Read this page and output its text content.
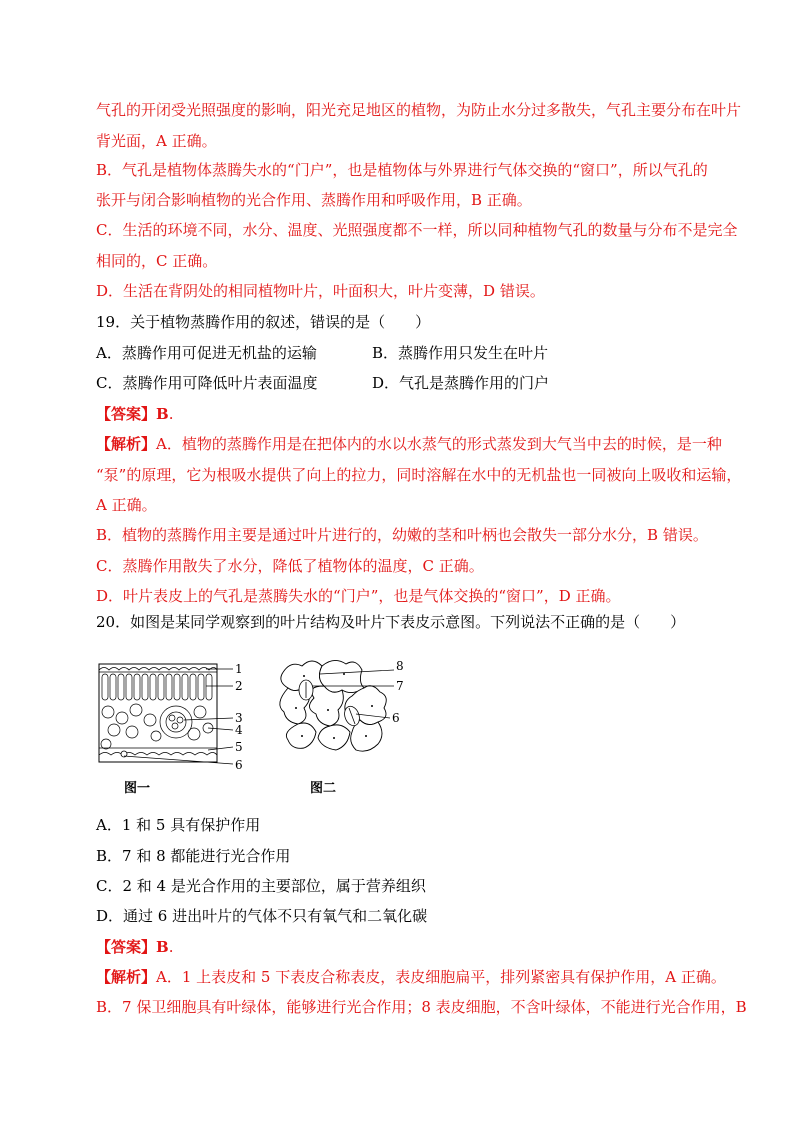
气孔的开闭受光照强度的影响，阳光充足地区的植物，为防止水分过多散失，气孔主要分布在叶片
背光面，A 正确。
B．气孔是植物体蒸腾失水的“门户”，也是植物体与外界进行气体交换的“窗口”，所以气孔的
张开与闭合影响植物的光合作用、蒸腾作用和呼吸作用，B 正确。
C．生活的环境不同，水分、温度、光照强度都不一样，所以同种植物气孔的数量与分布不是完全
相同的，C 正确。
D．生活在背阴处的相同植物叶片，叶面积大，叶片变薄，D 错误。
19．关于植物蒸腾作用的叙述，错误的是（　　）
A．蒸腾作用可促进无机盐的运输	B．蒸腾作用只发生在叶片
C．蒸腾作用可降低叶片表面温度	D．气孔是蒸腾作用的门户
【答案】B.
【解析】A．植物的蒸腾作用是在把体内的水以水蒸气的形式蒸发到大气当中去的时候，是一种
“泵”的原理，它为根吸水提供了向上的拉力，同时溶解在水中的无机盐也一同被向上吸收和运输，
A 正确。
B．植物的蒸腾作用主要是通过叶片进行的，幼嫩的茎和叶柄也会散失一部分水分，B 错误。
C．蒸腾作用散失了水分，降低了植物体的温度，C 正确。
D．叶片表皮上的气孔是蒸腾失水的“门户”，也是气体交换的“窗口”，D 正确。
20．如图是某同学观察到的叶片结构及叶片下表皮示意图。下列说法不正确的是（　　）
1
2
3
4
5
6
图一
8
7
6
图二
A．1 和 5 具有保护作用
B．7 和 8 都能进行光合作用
C．2 和 4 是光合作用的主要部位，属于营养组织
D．通过 6 进出叶片的气体不只有氧气和二氧化碳
【答案】B.
【解析】A．1 上表皮和 5 下表皮合称表皮，表皮细胞扁平，排列紧密具有保护作用，A 正确。
B．7 保卫细胞具有叶绿体，能够进行光合作用；8 表皮细胞，不含叶绿体，不能进行光合作用，B
